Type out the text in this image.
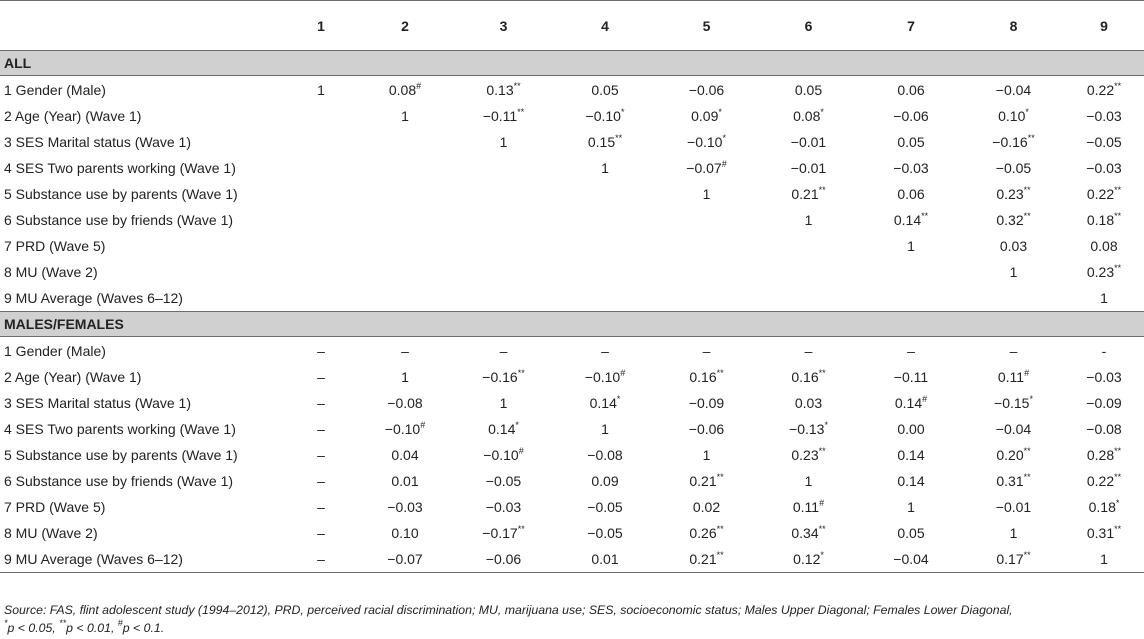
	1	2	3	4	5	6	7	8	9
ALL									
1 Gender (Male)	1	0.08#	0.13**	0.05	−0.06	0.05	0.06	−0.04	0.22**
2 Age (Year) (Wave 1)		1	−0.11**	−0.10*	0.09*	0.08*	−0.06	0.10*	−0.03
3 SES Marital status (Wave 1)			1	0.15**	−0.10*	−0.01	0.05	−0.16**	−0.05
4 SES Two parents working (Wave 1)				1	−0.07#	−0.01	−0.03	−0.05	−0.03
5 Substance use by parents (Wave 1)					1	0.21**	0.06	0.23**	0.22**
6 Substance use by friends (Wave 1)						1	0.14**	0.32**	0.18**
7 PRD (Wave 5)							1	0.03	0.08
8 MU (Wave 2)								1	0.23**
9 MU Average (Waves 6–12)									1
MALES/FEMALES									
1 Gender (Male)	–	–	–	–	–	–	–	–	-
2 Age (Year) (Wave 1)	–	1	−0.16**	−0.10#	0.16**	0.16**	−0.11	0.11#	−0.03
3 SES Marital status (Wave 1)	–	−0.08	1	0.14*	−0.09	0.03	0.14#	−0.15*	−0.09
4 SES Two parents working (Wave 1)	–	−0.10#	0.14*	1	−0.06	−0.13*	0.00	−0.04	−0.08
5 Substance use by parents (Wave 1)	–	0.04	−0.10#	−0.08	1	0.23**	0.14	0.20**	0.28**
6 Substance use by friends (Wave 1)	–	0.01	−0.05	0.09	0.21**	1	0.14	0.31**	0.22**
7 PRD (Wave 5)	–	−0.03	−0.03	−0.05	0.02	0.11#	1	−0.01	0.18*
8 MU (Wave 2)	–	0.10	−0.17**	−0.05	0.26**	0.34**	0.05	1	0.31**
9 MU Average (Waves 6–12)	–	−0.07	−0.06	0.01	0.21**	0.12*	−0.04	0.17**	1
Source: FAS, flint adolescent study (1994–2012), PRD, perceived racial discrimination; MU, marijuana use; SES, socioeconomic status; Males Upper Diagonal; Females Lower Diagonal,
*p < 0.05, **p < 0.01, #p < 0.1.
